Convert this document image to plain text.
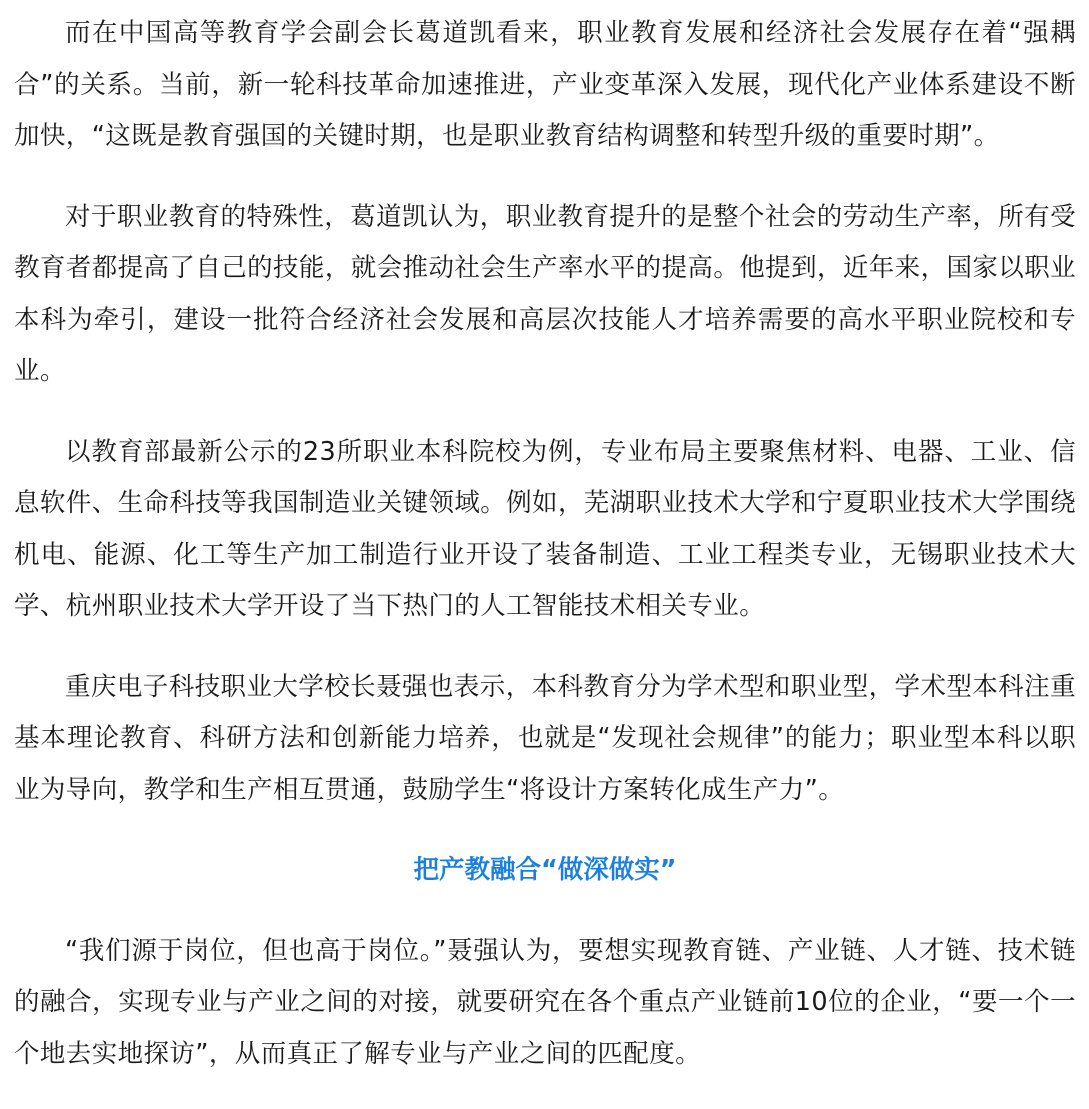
而在中国高等教育学会副会长葛道凯看来，职业教育发展和经济社会发展存在着“强耦合”的关系。当前，新一轮科技革命加速推进，产业变革深入发展，现代化产业体系建设不断加快，“这既是教育强国的关键时期，也是职业教育结构调整和转型升级的重要时期”。

对于职业教育的特殊性，葛道凯认为，职业教育提升的是整个社会的劳动生产率，所有受教育者都提高了自己的技能，就会推动社会生产率水平的提高。他提到，近年来，国家以职业本科为牵引，建设一批符合经济社会发展和高层次技能人才培养需要的高水平职业院校和专业。

以教育部最新公示的23所职业本科院校为例，专业布局主要聚焦材料、电器、工业、信息软件、生命科技等我国制造业关键领域。例如，芜湖职业技术大学和宁夏职业技术大学围绕机电、能源、化工等生产加工制造行业开设了装备制造、工业工程类专业，无锡职业技术大学、杭州职业技术大学开设了当下热门的人工智能技术相关专业。

重庆电子科技职业大学校长聂强也表示，本科教育分为学术型和职业型，学术型本科注重基本理论教育、科研方法和创新能力培养，也就是“发现社会规律”的能力；职业型本科以职业为导向，教学和生产相互贯通，鼓励学生“将设计方案转化成生产力”。

把产教融合“做深做实”

“我们源于岗位，但也高于岗位。”聂强认为，要想实现教育链、产业链、人才链、技术链的融合，实现专业与产业之间的对接，就要研究在各个重点产业链前10位的企业，“要一个一个地去实地探访”，从而真正了解专业与产业之间的匹配度。
